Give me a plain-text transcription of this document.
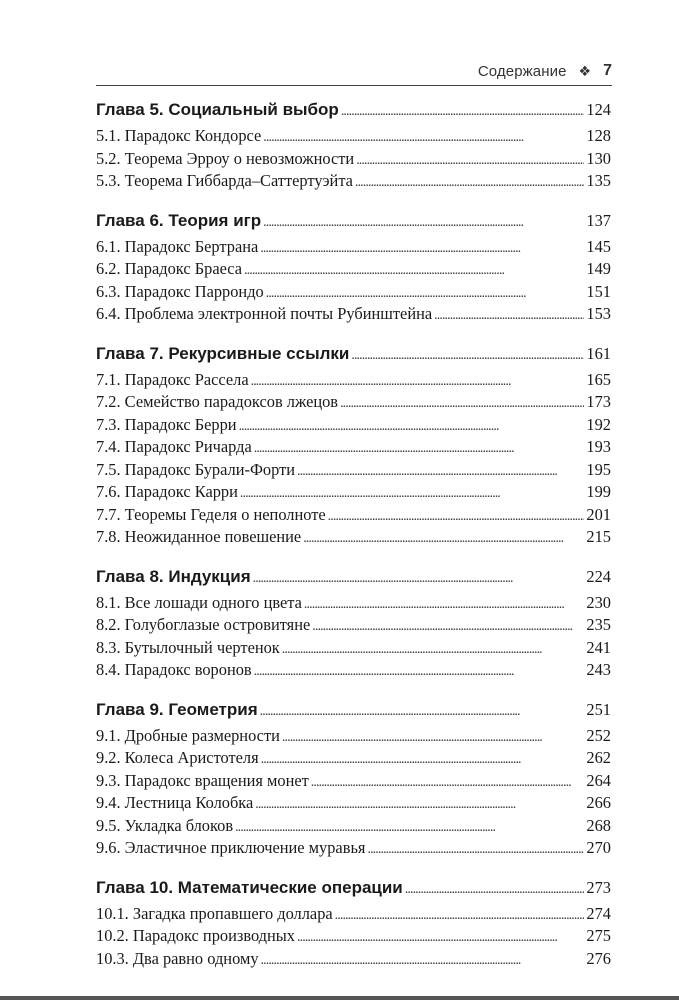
Содержание ❖ 7
Глава 5. Социальный выбор . . .	124
5.1. Парадокс Кондорсе . . .	128
5.2. Теорема Эрроу о невозможности . . .	130
5.3. Теорема Гиббарда–Саттертуэйта . . .	135
Глава 6. Теория игр . . .	137
6.1. Парадокс Бертрана . . .	145
6.2. Парадокс Браеса . . .	149
6.3. Парадокс Паррондо . . .	151
6.4. Проблема электронной почты Рубинштейна . . .	153
Глава 7. Рекурсивные ссылки . . .	161
7.1. Парадокс Рассела . . .	165
7.2. Семейство парадоксов лжецов . . .	173
7.3. Парадокс Берри . . .	192
7.4. Парадокс Ричарда . . .	193
7.5. Парадокс Бурали-Форти . . .	195
7.6. Парадокс Карри . . .	199
7.7. Теоремы Геделя о неполноте . . .	201
7.8. Неожиданное повешение . . .	215
Глава 8. Индукция . . .	224
8.1. Все лошади одного цвета . . .	230
8.2. Голубоглазые островитяне . . .	235
8.3. Бутылочный чертенок . . .	241
8.4. Парадокс воронов . . .	243
Глава 9. Геометрия . . .	251
9.1. Дробные размерности . . .	252
9.2. Колеса Аристотеля . . .	262
9.3. Парадокс вращения монет . . .	264
9.4. Лестница Колобка . . .	266
9.5. Укладка блоков . . .	268
9.6. Эластичное приключение муравья . . .	270
Глава 10. Математические операции . . .	273
10.1. Загадка пропавшего доллара . . .	274
10.2. Парадокс производных . . .	275
10.3. Два равно одному . . .	276
